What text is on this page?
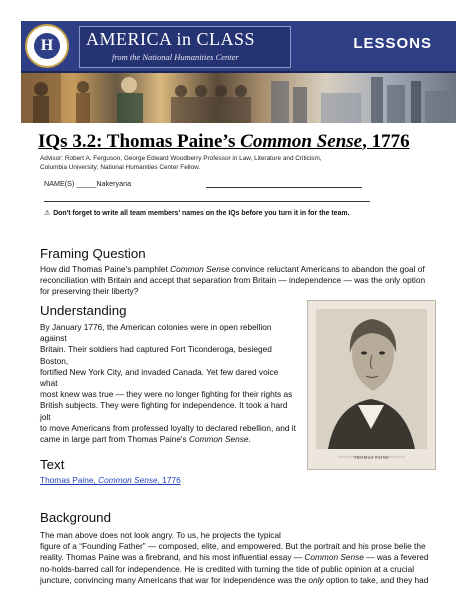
H	AMERICA in CLASS
from the National Humanities Center
LESSONS
IQs 3.2: Thomas Paine’s Common Sense, 1776
Advisor: Robert A. Ferguson, George Edward Woodberry Professor in Law, Literature and Criticism,
Columbia University; National Humanities Center Fellow.
NAME(S) _____Nakeryana
⚠ Don't forget to write all team members' names on the IQs before you turn it in for the team.
Framing Question
How did Thomas Paine's pamphlet Common Sense convince reluctant Americans to abandon the goal of
reconciliation with Britain and accept that separation from Britain — independence — was the only option
for preserving their liberty?
Understanding
By January 1776, the American colonies were in open rebellion
against
Britain. Their soldiers had captured Fort Ticonderoga, besieged
Boston,
fortified New York City, and invaded Canada. Yet few dared voice
what
most knew was true — they were no longer fighting for their rights as
British subjects. They were fighting for independence. It took a hard
jolt
to move Americans from professed loyalty to declared rebellion, and it
came in large part from Thomas Paine's Common Sense.
THOMAS PAINE
Text
Thomas Paine, Common Sense, 1776
Background
The man above does not look angry. To us, he projects the typical
figure of a “Founding Father” — composed, elite, and empowered. But the portrait and his prose belie the
reality. Thomas Paine was a firebrand, and his most influential essay — Common Sense — was a fevered
no-holds-barred call for independence. He is credited with turning the tide of public opinion at a crucial
juncture, convincing many Americans that war for independence was the only option to take, and they had
